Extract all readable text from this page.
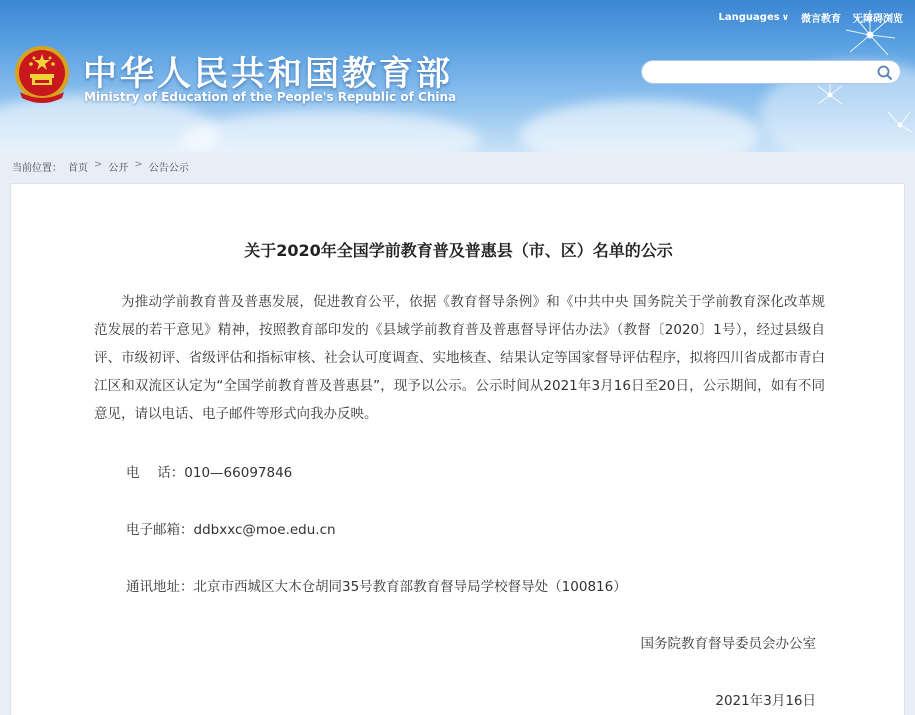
Languages ∨ 微言教育 无障碍浏览
中华人民共和国教育部
Ministry of Education of the People's Republic of China
当前位置： 首页 > 公开 > 公告公示
关于2020年全国学前教育普及普惠县（市、区）名单的公示
为推动学前教育普及普惠发展，促进教育公平，依据《教育督导条例》和《中共中央 国务院关于学前教育深化改革规范发展的若干意见》精神，按照教育部印发的《县域学前教育普及普惠督导评估办法》（教督〔2020〕1号），经过县级自评、市级初评、省级评估和指标审核、社会认可度调查、实地核查、结果认定等国家督导评估程序，拟将四川省成都市青白江区和双流区认定为“全国学前教育普及普惠县”，现予以公示。公示时间从2021年3月16日至20日，公示期间，如有不同意见，请以电话、电子邮件等形式向我办反映。
电　 话：010—66097846
电子邮箱：ddbxxc@moe.edu.cn
通讯地址：北京市西城区大木仓胡同35号教育部教育督导局学校督导处（100816）
国务院教育督导委员会办公室
2021年3月16日
